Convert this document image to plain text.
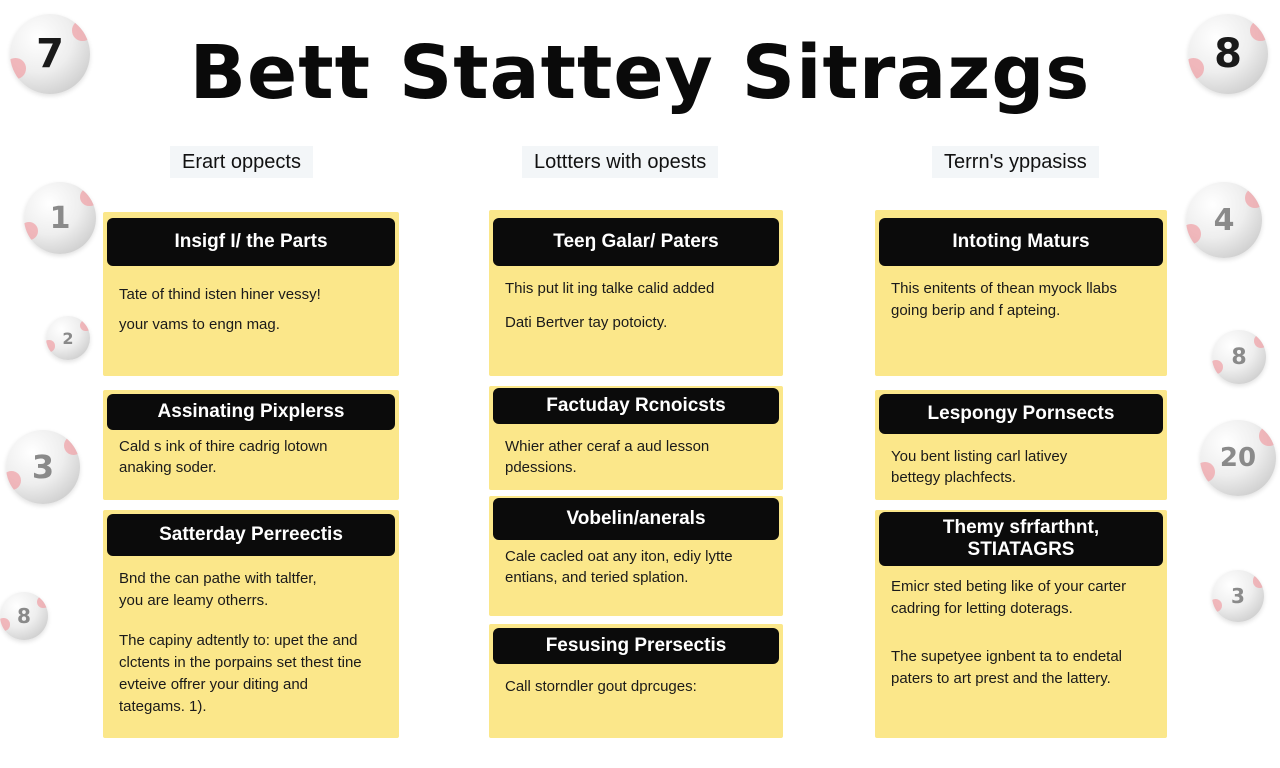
Bett Stattey Sitrazgs
7	8
1
2
3
8
4
8
20
3
Erart oppects	Lottters with opests	Terrn's yppasiss
Insigf I/ the Parts
Tate of thind isten hiner vessy!
your vams to engn mag.
Assinating Pixplerss
Cald s ink of thire cadrig lotown
anaking soder.
Satterday Perreectis
Bnd the can pathe with taltfer,
you are leamy otherrs.
The capiny adtently to: upet the and
clctents in the porpains set thest tine
evteive offrer your diting and
tategams. 1).
Teeŋ Galar/ Paters
This put lit ing talke calid added
Dati Bertver tay potoicty.
Factuday Rcnoicsts
Whier ather ceraf a aud lesson
pdessions.
Vobelin/anerals
Cale cacled oat any iton, ediy lytte
entians, and teried splation.
Fesusing Prersectis
Call storndler gout dprcuges:
Intoting Maturs
This enitents of thean myock llabs
going berip and f apteing.
Lespongy Pornsects
You bent listing carl lativey
bettegy plachfects.
Themy sfrfarthnt,
STIATAGRS
Emicr sted beting like of your carter
cadring for letting doterags.
The supetyee ignbent ta to endetal
paters to art prest and the lattery.
